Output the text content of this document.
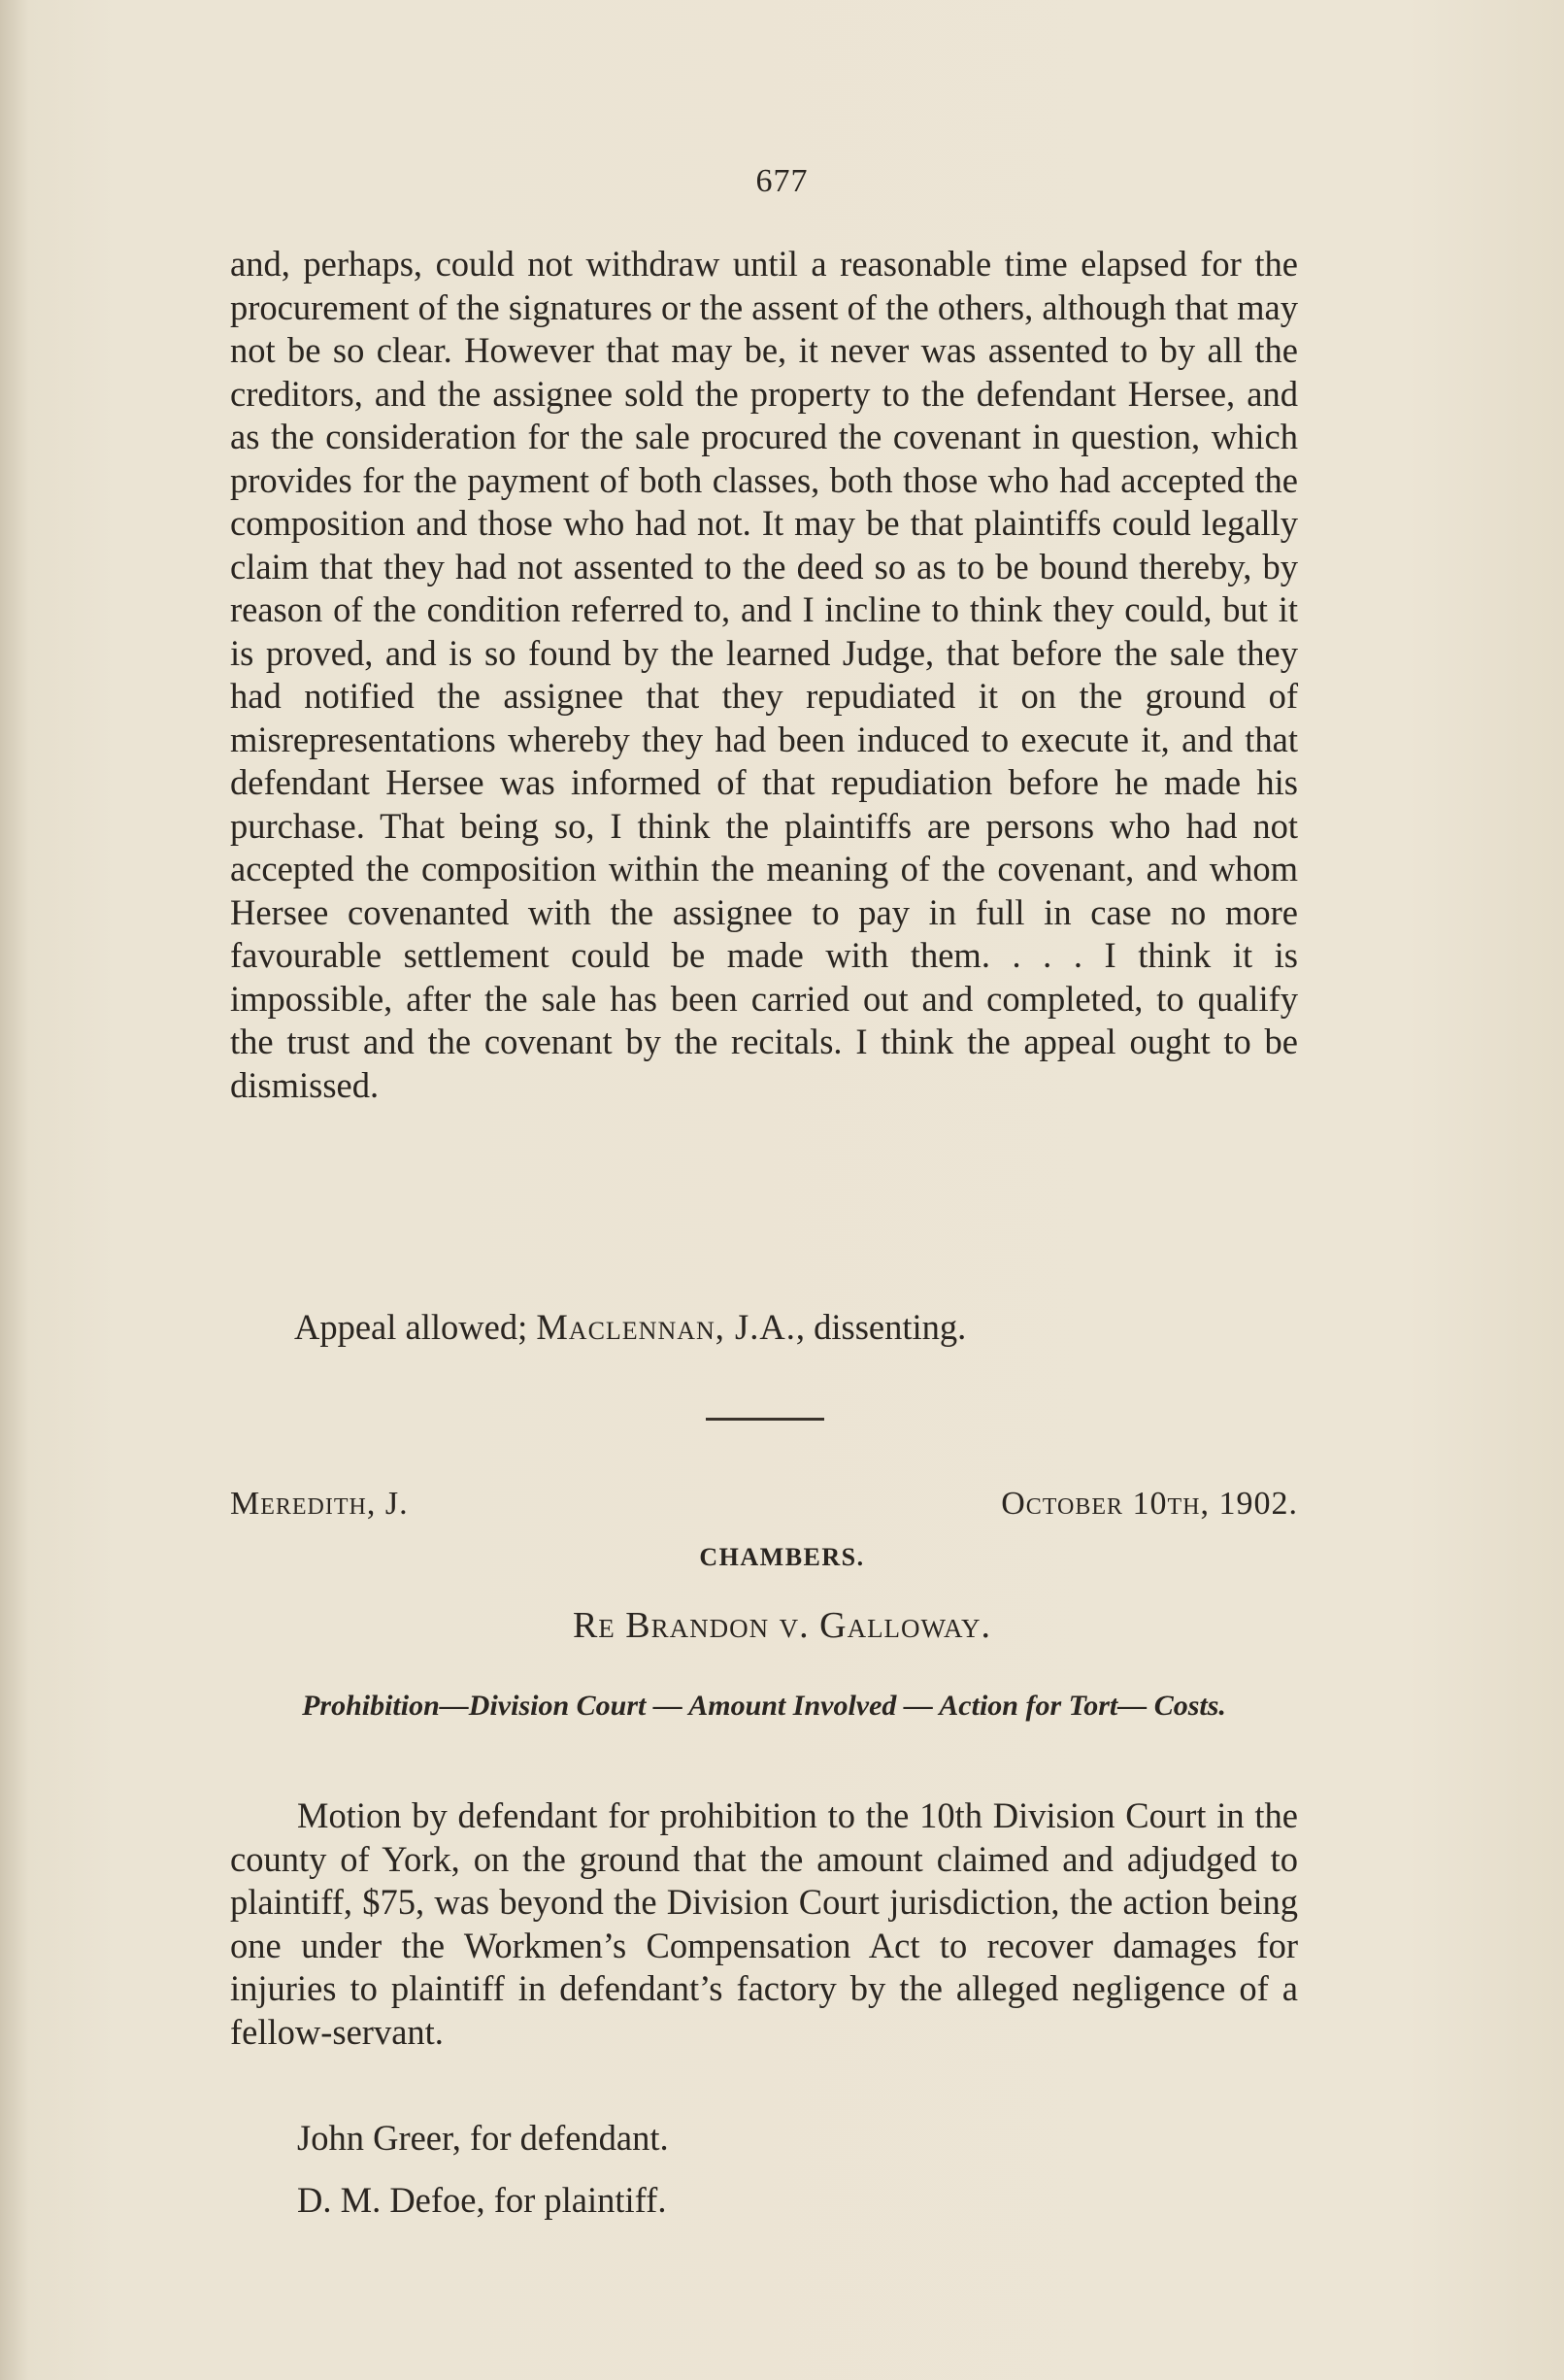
677
and, perhaps, could not withdraw until a reasonable time elapsed for the procurement of the signatures or the assent of the others, although that may not be so clear. However that may be, it never was assented to by all the creditors, and the assignee sold the property to the defendant Hersee, and as the consideration for the sale procured the covenant in question, which provides for the payment of both classes, both those who had accepted the composition and those who had not. It may be that plaintiffs could legally claim that they had not assented to the deed so as to be bound thereby, by reason of the condition referred to, and I incline to think they could, but it is proved, and is so found by the learned Judge, that before the sale they had notified the assignee that they repudiated it on the ground of misrepresentations whereby they had been induced to execute it, and that defendant Hersee was informed of that repudiation before he made his purchase. That being so, I think the plaintiffs are persons who had not accepted the composition within the meaning of the covenant, and whom Hersee covenanted with the assignee to pay in full in case no more favourable settlement could be made with them. . . . I think it is impossible, after the sale has been carried out and completed, to qualify the trust and the covenant by the recitals. I think the appeal ought to be dismissed.
Appeal allowed; Maclennan, J.A., dissenting.
Meredith, J.	October 10th, 1902.
CHAMBERS.
Re Brandon v. Galloway.
Prohibition—Division Court — Amount Involved — Action for Tort— Costs.
Motion by defendant for prohibition to the 10th Division Court in the county of York, on the ground that the amount claimed and adjudged to plaintiff, $75, was beyond the Division Court jurisdiction, the action being one under the Workmen’s Compensation Act to recover damages for injuries to plaintiff in defendant’s factory by the alleged negligence of a fellow-servant.
John Greer, for defendant.
D. M. Defoe, for plaintiff.
